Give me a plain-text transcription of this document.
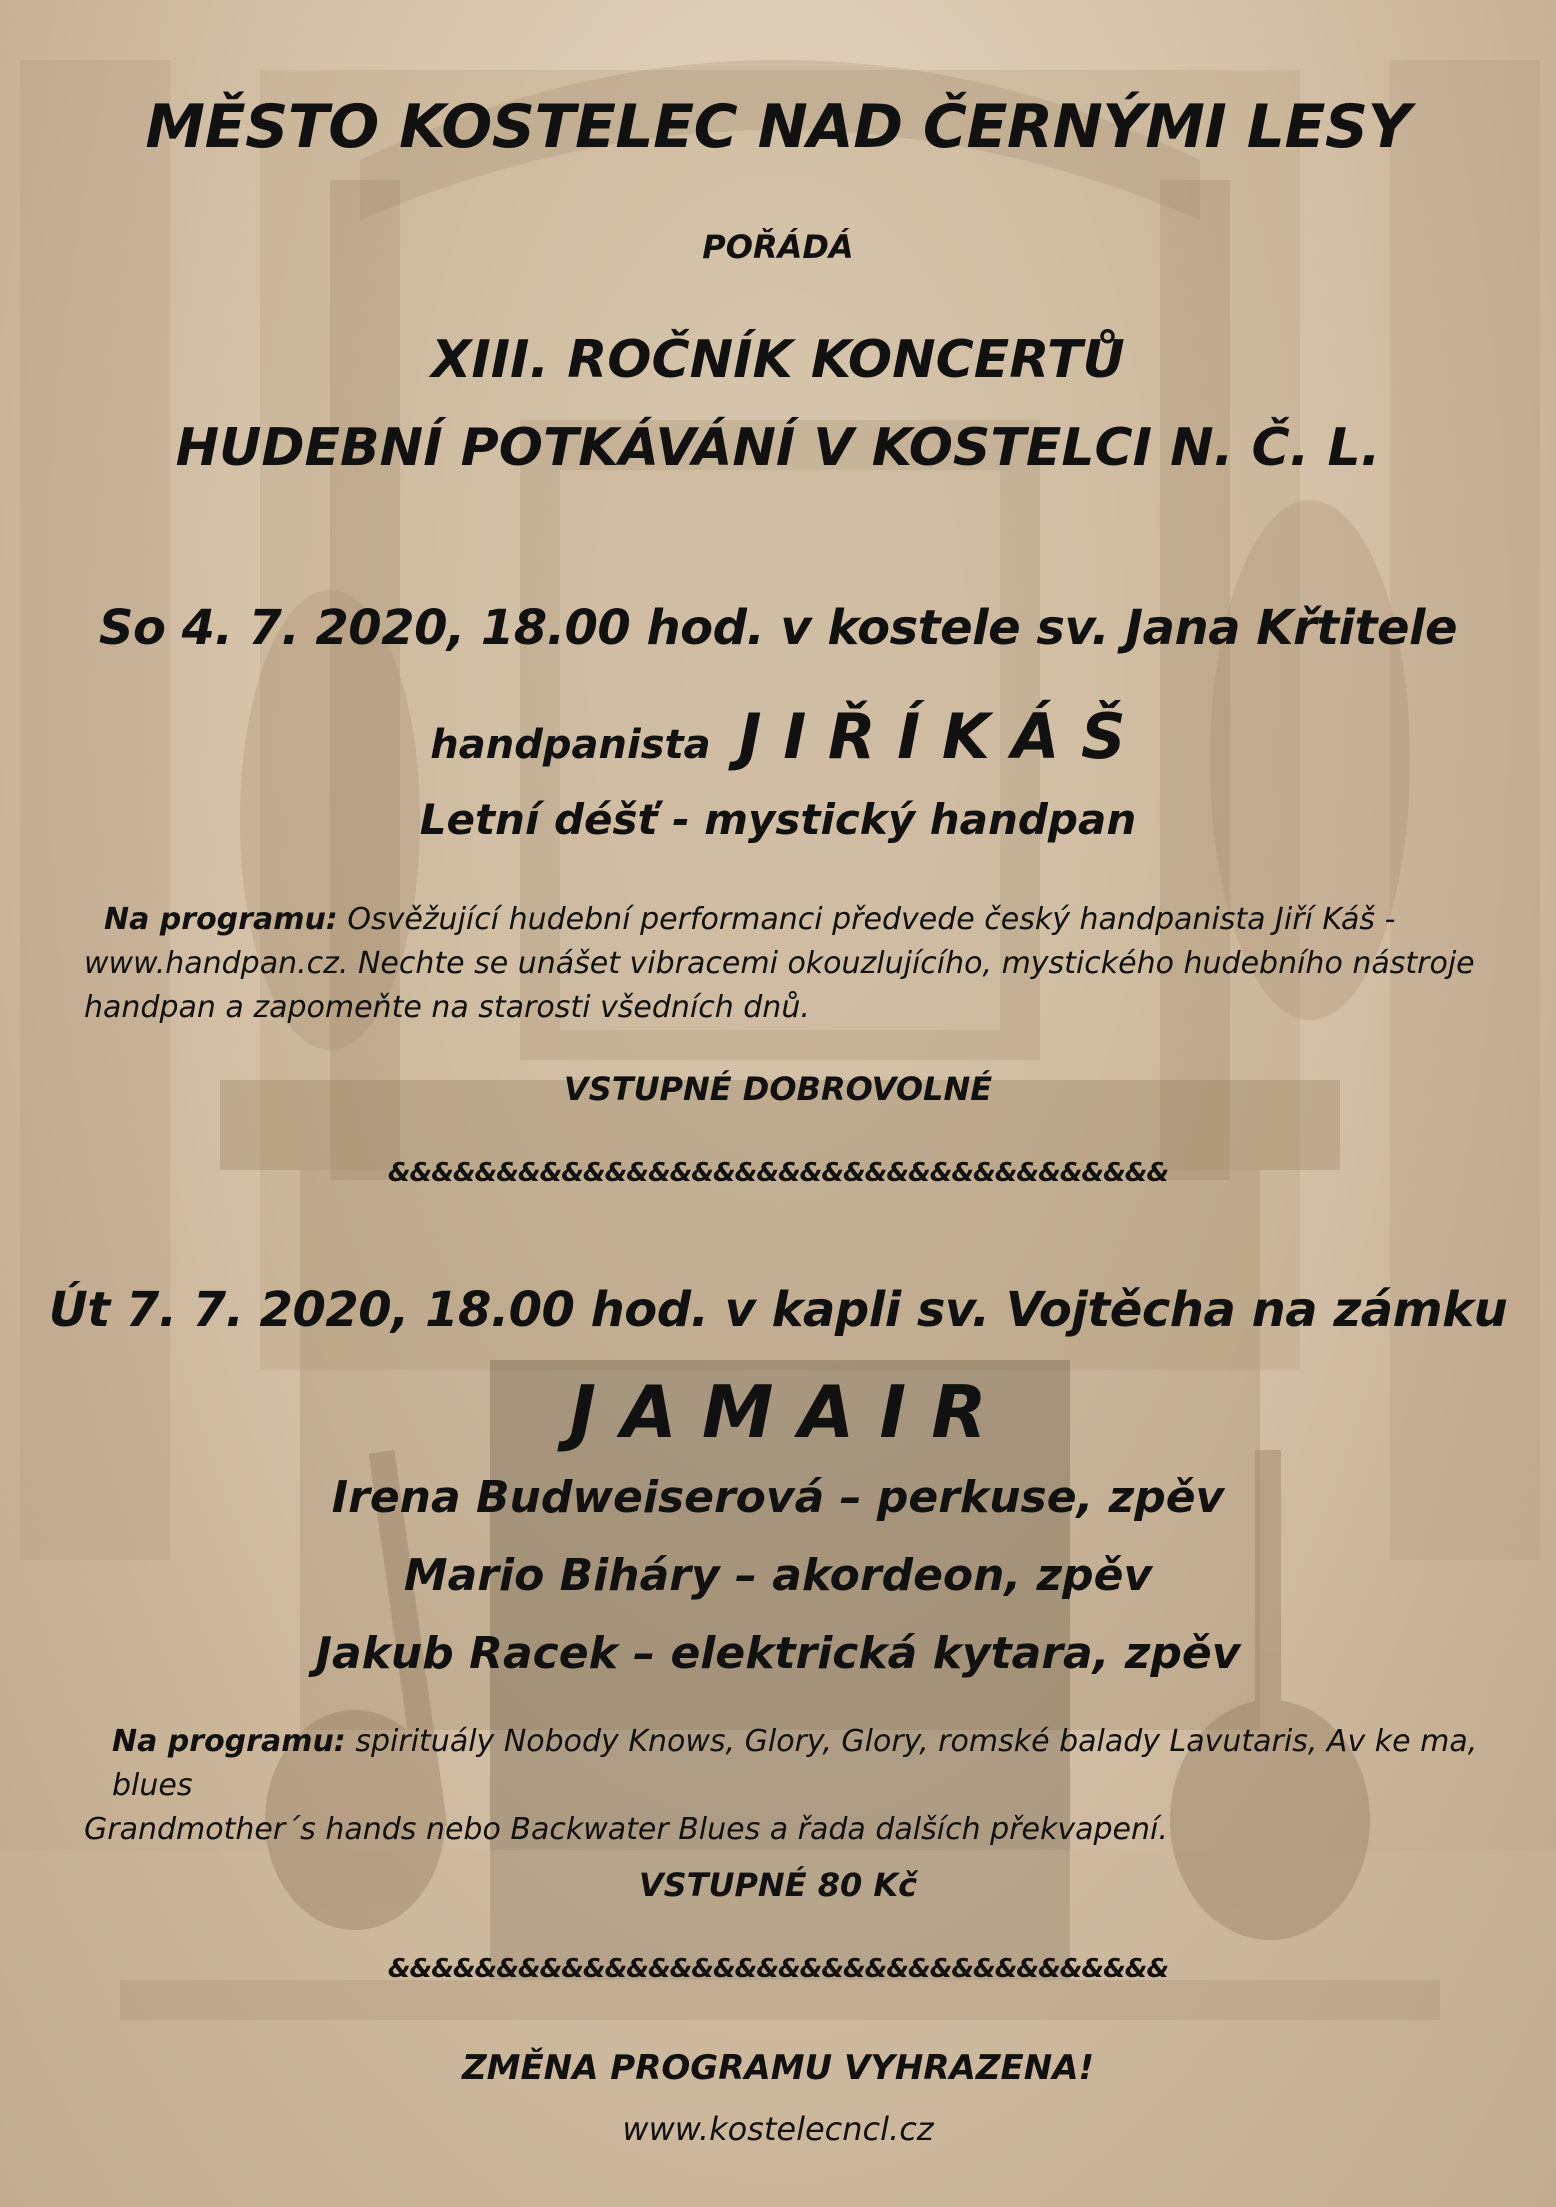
MĚSTO KOSTELEC NAD ČERNÝMI LESY
POŘÁDÁ
XIII. ROČNÍK KONCERTŮ
HUDEBNÍ POTKÁVÁNÍ V KOSTELCI N. Č. L.
So 4. 7. 2020, 18.00 hod. v kostele sv. Jana Křtitele
handpanista J I Ř Í K Á Š
Letní déšť - mystický handpan
Na programu: Osvěžující hudební performanci předvede český handpanista Jiří Káš -
www.handpan.cz. Nechte se unášet vibracemi okouzlujícího, mystického hudebního nástroje
handpan a zapomeňte na starosti všedních dnů.
VSTUPNÉ DOBROVOLNÉ
&&&&&&&&&&&&&&&&&&&&&&&&&&&&&&&&&&&&
Út 7. 7. 2020, 18.00 hod. v kapli sv. Vojtěcha na zámku
J A M A I R
Irena Budweiserová – perkuse, zpěv
Mario Biháry – akordeon, zpěv
Jakub Racek – elektrická kytara, zpěv
Na programu: spirituály Nobody Knows, Glory, Glory, romské balady Lavutaris, Av ke ma, blues
Grandmother´s hands nebo Backwater Blues a řada dalších překvapení.
VSTUPNÉ 80 Kč
&&&&&&&&&&&&&&&&&&&&&&&&&&&&&&&&&&&&
ZMĚNA PROGRAMU VYHRAZENA!
www.kostelecncl.cz
